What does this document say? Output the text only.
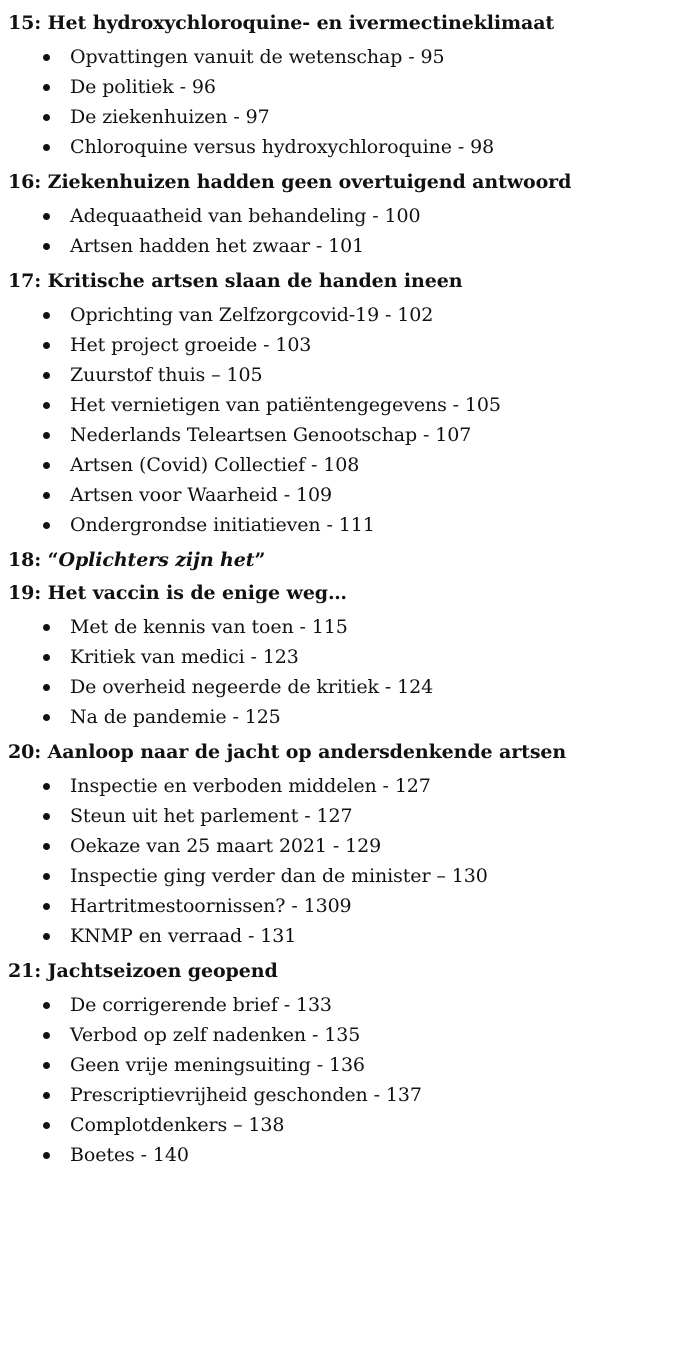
15: Het hydroxychloroquine- en ivermectineklimaat
Opvattingen vanuit de wetenschap - 95
De politiek - 96
De ziekenhuizen - 97
Chloroquine versus hydroxychloroquine - 98
16: Ziekenhuizen hadden geen overtuigend antwoord
Adequaatheid van behandeling - 100
Artsen hadden het zwaar - 101
17: Kritische artsen slaan de handen ineen
Oprichting van Zelfzorgcovid-19 - 102
Het project groeide - 103
Zuurstof thuis – 105
Het vernietigen van patiëntengegevens - 105
Nederlands Teleartsen Genootschap - 107
Artsen (Covid) Collectief - 108
Artsen voor Waarheid - 109
Ondergrondse initiatieven - 111
18: “Oplichters zijn het”
19: Het vaccin is de enige weg…
Met de kennis van toen - 115
Kritiek van medici - 123
De overheid negeerde de kritiek - 124
Na de pandemie - 125
20: Aanloop naar de jacht op andersdenkende artsen
Inspectie en verboden middelen - 127
Steun uit het parlement - 127
Oekaze van 25 maart 2021 - 129
Inspectie ging verder dan de minister – 130
Hartritmestoornissen? - 1309
KNMP en verraad - 131
21: Jachtseizoen geopend
De corrigerende brief - 133
Verbod op zelf nadenken - 135
Geen vrije meningsuiting - 136
Prescriptievrijheid geschonden - 137
Complotdenkers – 138
Boetes - 140
